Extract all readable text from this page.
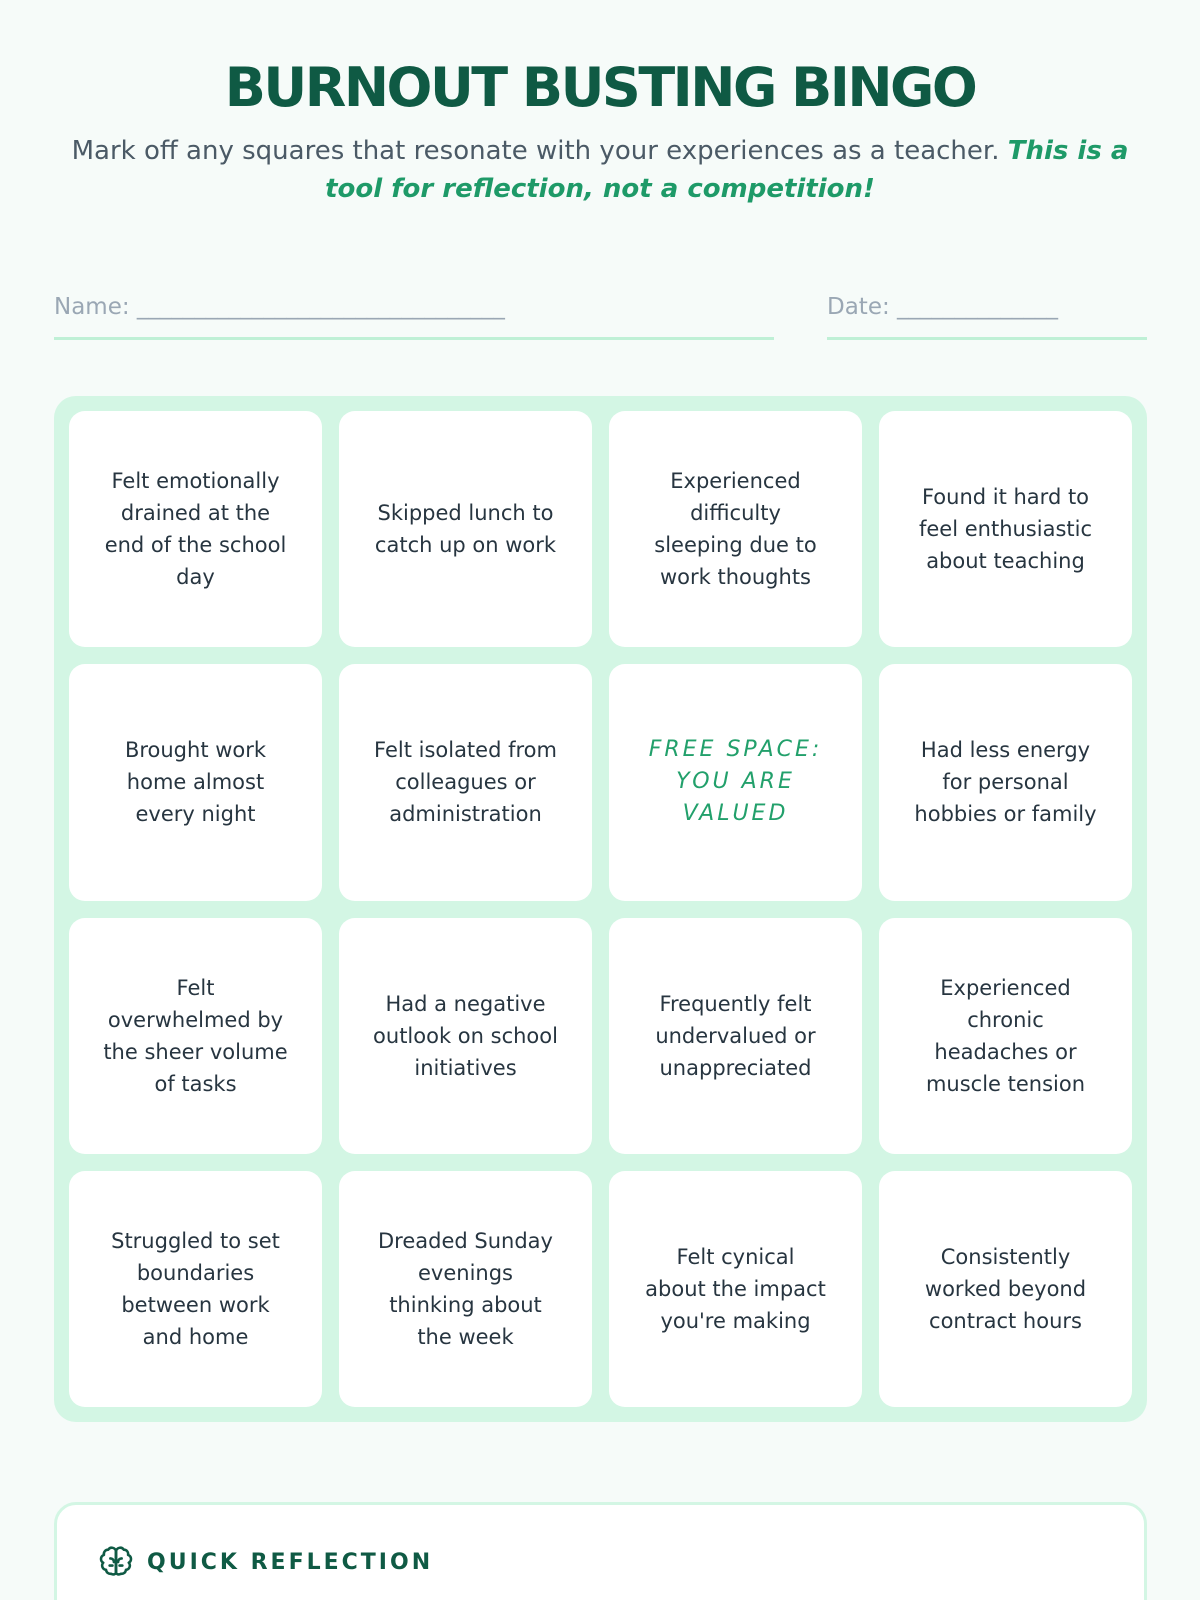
BURNOUT BUSTING BINGO

Mark off any squares that resonate with your experiences as a teacher. This is a tool for reflection, not a competition!

Name: ________________________________	Date: ______________
Felt emotionally drained at the end of the school day
Skipped lunch to catch up on work
Experienced difficulty sleeping due to work thoughts
Found it hard to feel enthusiastic about teaching
Brought work home almost every night
Felt isolated from colleagues or administration
FREE SPACE: YOU ARE VALUED
Had less energy for personal hobbies or family
Felt overwhelmed by the sheer volume of tasks
Had a negative outlook on school initiatives
Frequently felt undervalued or unappreciated
Experienced chronic headaches or muscle tension
Struggled to set boundaries between work and home
Dreaded Sunday evenings thinking about the week
Felt cynical about the impact you're making
Consistently worked beyond contract hours
QUICK REFLECTION
